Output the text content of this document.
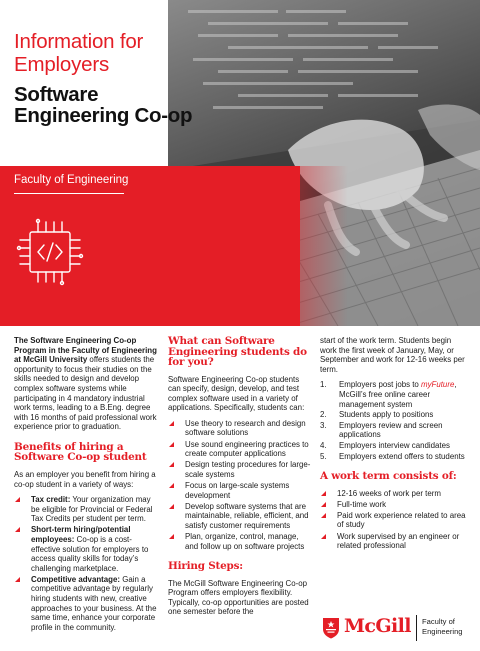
Information for Employers
Software Engineering Co-op
Faculty of Engineering

The Software Engineering Co-op Program in the Faculty of Engineering at McGill University offers students the opportunity to focus their studies on the skills needed to design and develop complex software systems while participating in 4 mandatory industrial work terms, leading to a B.Eng. degree with 16 months of paid professional work experience prior to graduation.

Benefits of hiring a Software Co-op student

As an employer you benefit from hiring a co-op student in a variety of ways:

Tax credit: Your organization may be eligible for Provincial or Federal Tax Credits per student per term.
Short-term hiring/potential employees: Co-op is a cost-effective solution for employers to access quality skills for today’s challenging marketplace.
Competitive advantage: Gain a competitive advantage by regularly hiring students with new, creative approaches to your business. At the same time, enhance your corporate profile in the community.
What can Software Engineering students do for you?

Software Engineering Co-op students can specify, design, develop, and test complex software used in a variety of applications. Specifically, students can:

Use theory to research and design software solutions
Use sound engineering practices to create computer applications
Design testing procedures for large-scale systems
Focus on large-scale systems development
Develop software systems that are maintainable, reliable, efficient, and satisfy customer requirements
Plan, organize, control, manage, and follow up on software projects
Hiring Steps:

The McGill Software Engineering Co-op Program offers employers flexibility. Typically, co-op opportunities are posted one semester before the

start of the work term. Students begin work the first week of January, May, or September and work for 12-16 weeks per term.

1. Employers post jobs to myFuture, McGill’s free online career management system
2. Students apply to positions
3. Employers review and screen applications
4. Employers interview candidates
5. Employers extend offers to students
A work term consists of:
12-16 weeks of work per term
Full-time work
Paid work experience related to area of study
Work supervised by an engineer or related professional
McGill Faculty of
Engineering
